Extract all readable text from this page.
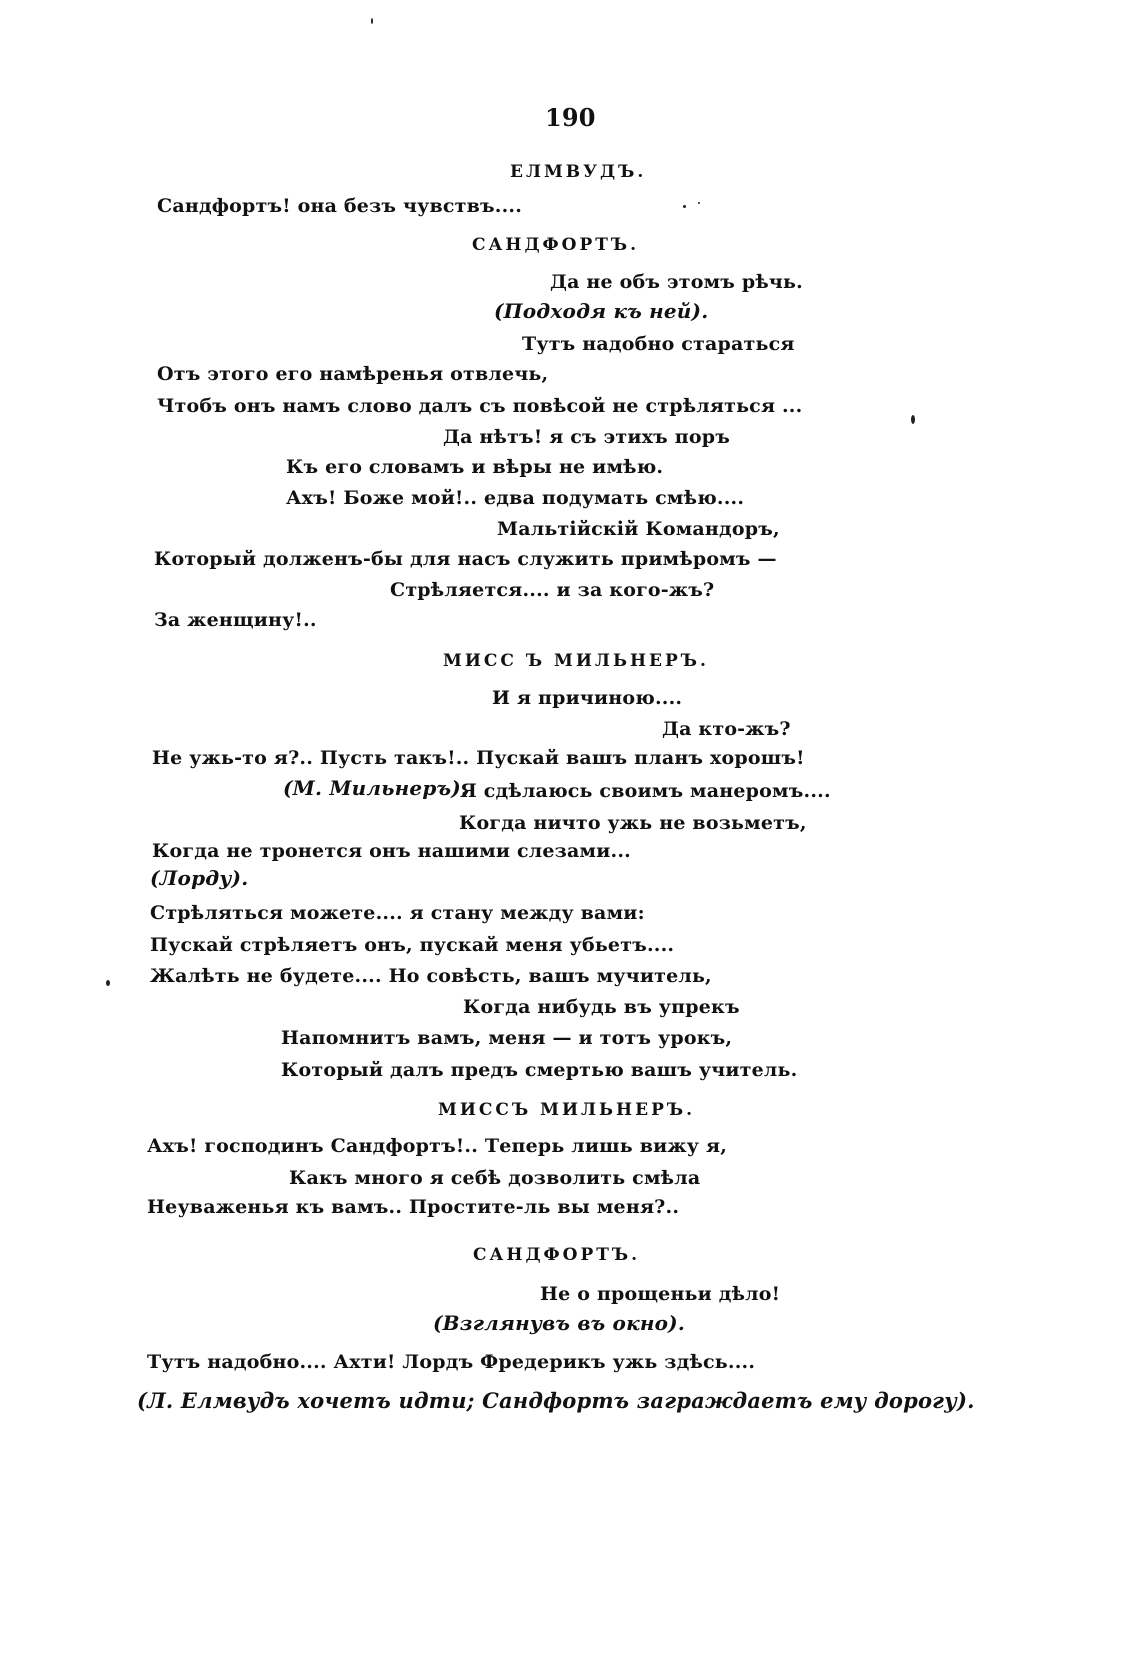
190
ЕЛМВУДЪ.
Сандфортъ! она безъ чувствъ....
САНДФОРТЪ.
Да не объ этомъ рѣчь.
(Подходя къ ней).
Тутъ надобно стараться
Отъ этого его намѣренья отвлечь,
Чтобъ онъ намъ слово далъ съ повѣсой не стрѣляться ...
Да нѣтъ! я съ этихъ поръ
Къ его словамъ и вѣры не имѣю.
Ахъ! Боже мой!.. едва подумать смѣю....
Мальтійскій Командоръ,
Который долженъ-бы для насъ служить примѣромъ —
Стрѣляется.... и за кого-жъ?
За женщину!..
МИСС Ъ МИЛЬНЕРЪ.
И я причиною....
Да кто-жъ?
Не ужь-то я?.. Пусть такъ!.. Пускай вашъ планъ хорошъ!
(М. Мильнеръ).
Я сдѣлаюсь своимъ манеромъ....
Когда ничто ужь не возьметъ,
Когда не тронется онъ нашими слезами...
(Лорду).
Стрѣляться можете.... я стану между вами:
Пускай стрѣляетъ онъ, пускай меня убьетъ....
Жалѣть не будете.... Но совѣсть, вашъ мучитель,
Когда нибудь въ упрекъ
Напомнитъ вамъ, меня — и тотъ урокъ,
Который далъ предъ смертью вашъ учитель.
МИССЪ МИЛЬНЕРЪ.
Ахъ! господинъ Сандфортъ!.. Теперь лишь вижу я,
Какъ много я себѣ дозволить смѣла
Неуваженья къ вамъ.. Простите-ль вы меня?..
САНДФОРТЪ.
Не о прощеньи дѣло!
(Взглянувъ въ окно).
Тутъ надобно.... Ахти! Лордъ Фредерикъ ужь здѣсь....
(Л. Елмвудъ хочетъ идти; Сандфортъ заграждаетъ ему дорогу).
